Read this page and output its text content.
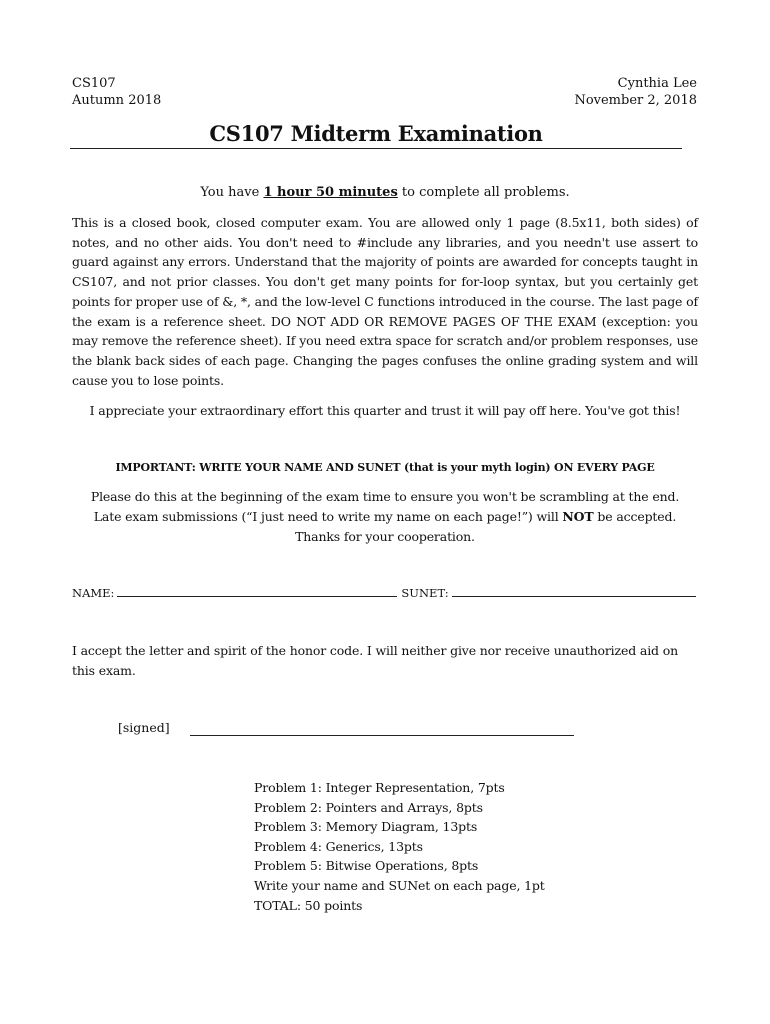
CS107
Autumn 2018
Cynthia Lee
November 2, 2018
CS107 Midterm Examination
You have 1 hour 50 minutes to complete all problems.
This is a closed book, closed computer exam. You are allowed only 1 page (8.5x11, both sides) of notes, and no other aids. You don't need to #include any libraries, and you needn't use assert to guard against any errors. Understand that the majority of points are awarded for concepts taught in CS107, and not prior classes. You don't get many points for for-loop syntax, but you certainly get points for proper use of &, *, and the low-level C functions introduced in the course. The last page of the exam is a reference sheet. DO NOT ADD OR REMOVE PAGES OF THE EXAM (exception: you may remove the reference sheet). If you need extra space for scratch and/or problem responses, use the blank back sides of each page. Changing the pages confuses the online grading system and will cause you to lose points.
I appreciate your extraordinary effort this quarter and trust it will pay off here. You've got this!
IMPORTANT: WRITE YOUR NAME AND SUNET (that is your myth login) ON EVERY PAGE
Please do this at the beginning of the exam time to ensure you won't be scrambling at the end.
Late exam submissions (“I just need to write my name on each page!”) will NOT be accepted.
Thanks for your cooperation.
NAME:	SUNET:
I accept the letter and spirit of the honor code. I will neither give nor receive unauthorized aid on this exam.
[signed]
Problem 1: Integer Representation, 7pts
Problem 2: Pointers and Arrays, 8pts
Problem 3: Memory Diagram, 13pts
Problem 4: Generics, 13pts
Problem 5: Bitwise Operations, 8pts
Write your name and SUNet on each page, 1pt
TOTAL: 50 points
